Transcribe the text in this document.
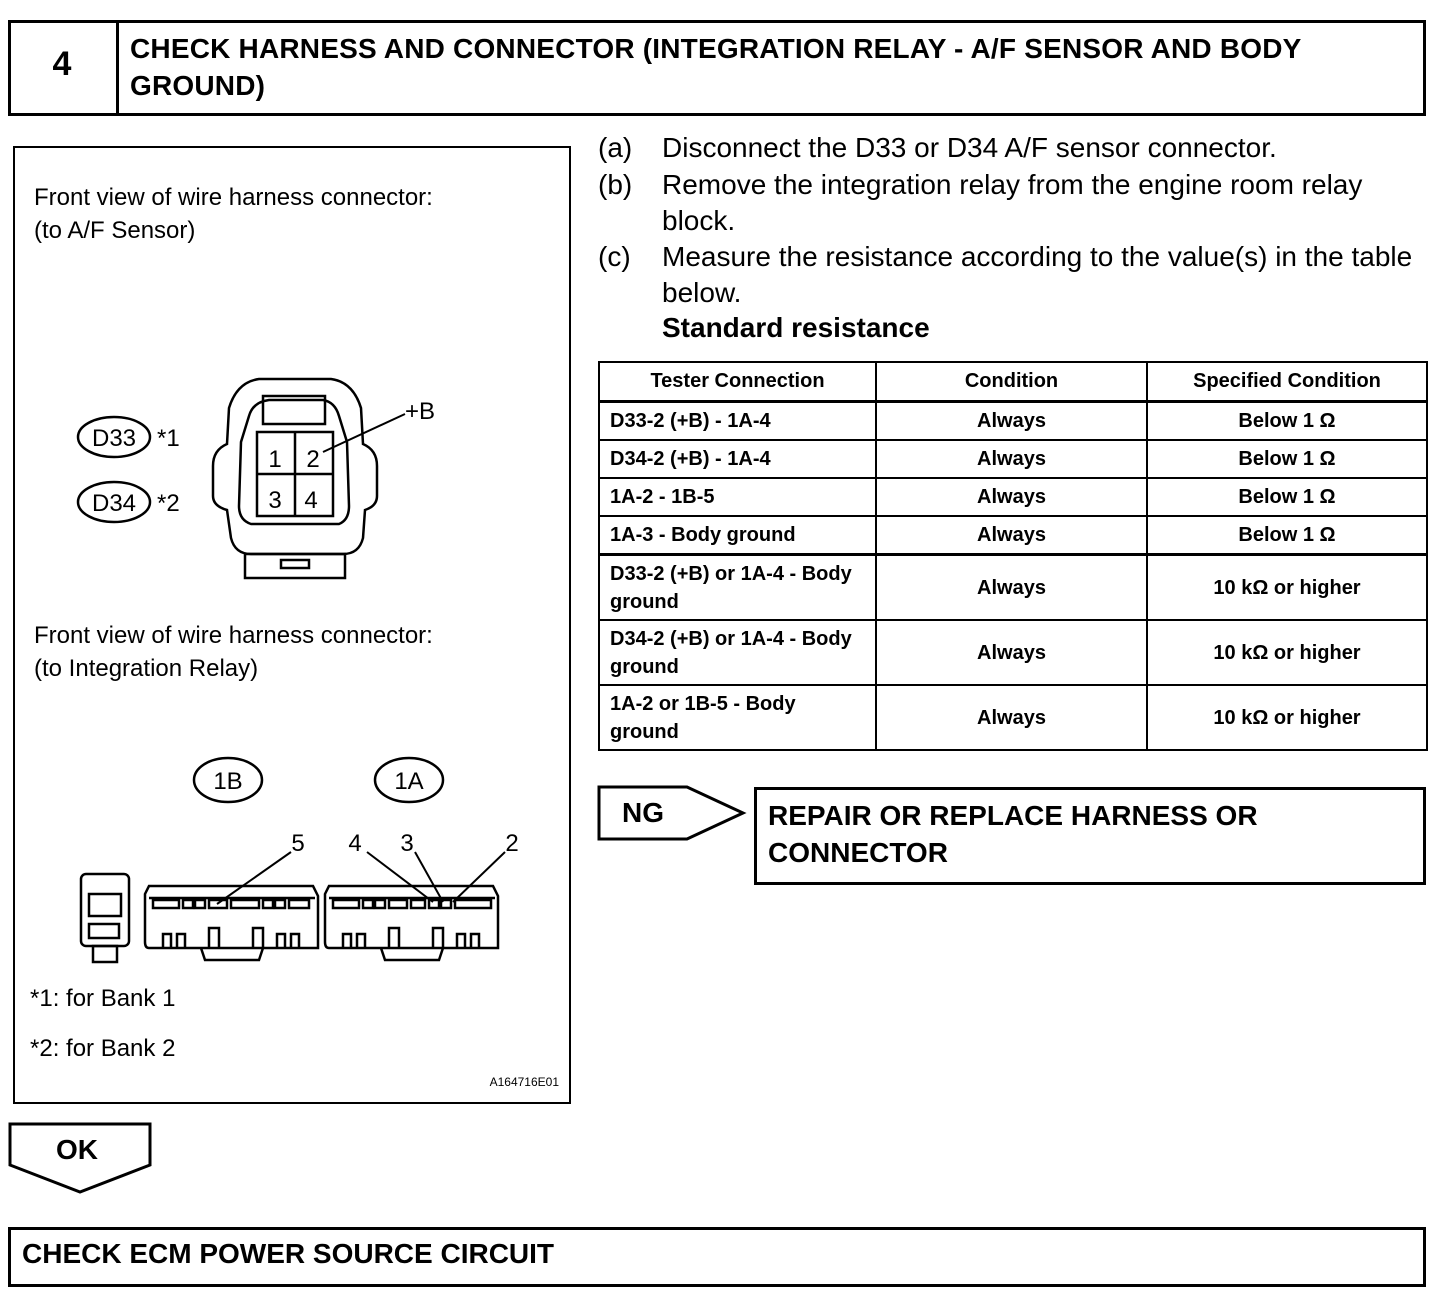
4	CHECK HARNESS AND CONNECTOR (INTEGRATION RELAY - A/F SENSOR AND BODY GROUND)
Front view of wire harness connector:
(to A/F Sensor)
D33
D34
*1
*2
+B
1 2
3 4
Front view of wire harness connector:
(to Integration Relay)
1B	1A
5 4 3	2
*1: for Bank 1
*2: for Bank 2
A164716E01
(a) Disconnect the D33 or D34 A/F sensor connector.
(b) Remove the integration relay from the engine room relay block.
(c) Measure the resistance according to the value(s) in the table below.
Standard resistance
Tester Connection	Condition	Specified Condition
D33-2 (+B) - 1A-4	Always	Below 1 Ω
D34-2 (+B) - 1A-4	Always	Below 1 Ω
1A-2 - 1B-5	Always	Below 1 Ω
1A-3 - Body ground	Always	Below 1 Ω
D33-2 (+B) or 1A-4 - Body ground	Always	10 kΩ or higher
D34-2 (+B) or 1A-4 - Body ground	Always	10 kΩ or higher
1A-2 or 1B-5 - Body ground	Always	10 kΩ or higher
NG	REPAIR OR REPLACE HARNESS OR CONNECTOR
OK
CHECK ECM POWER SOURCE CIRCUIT
